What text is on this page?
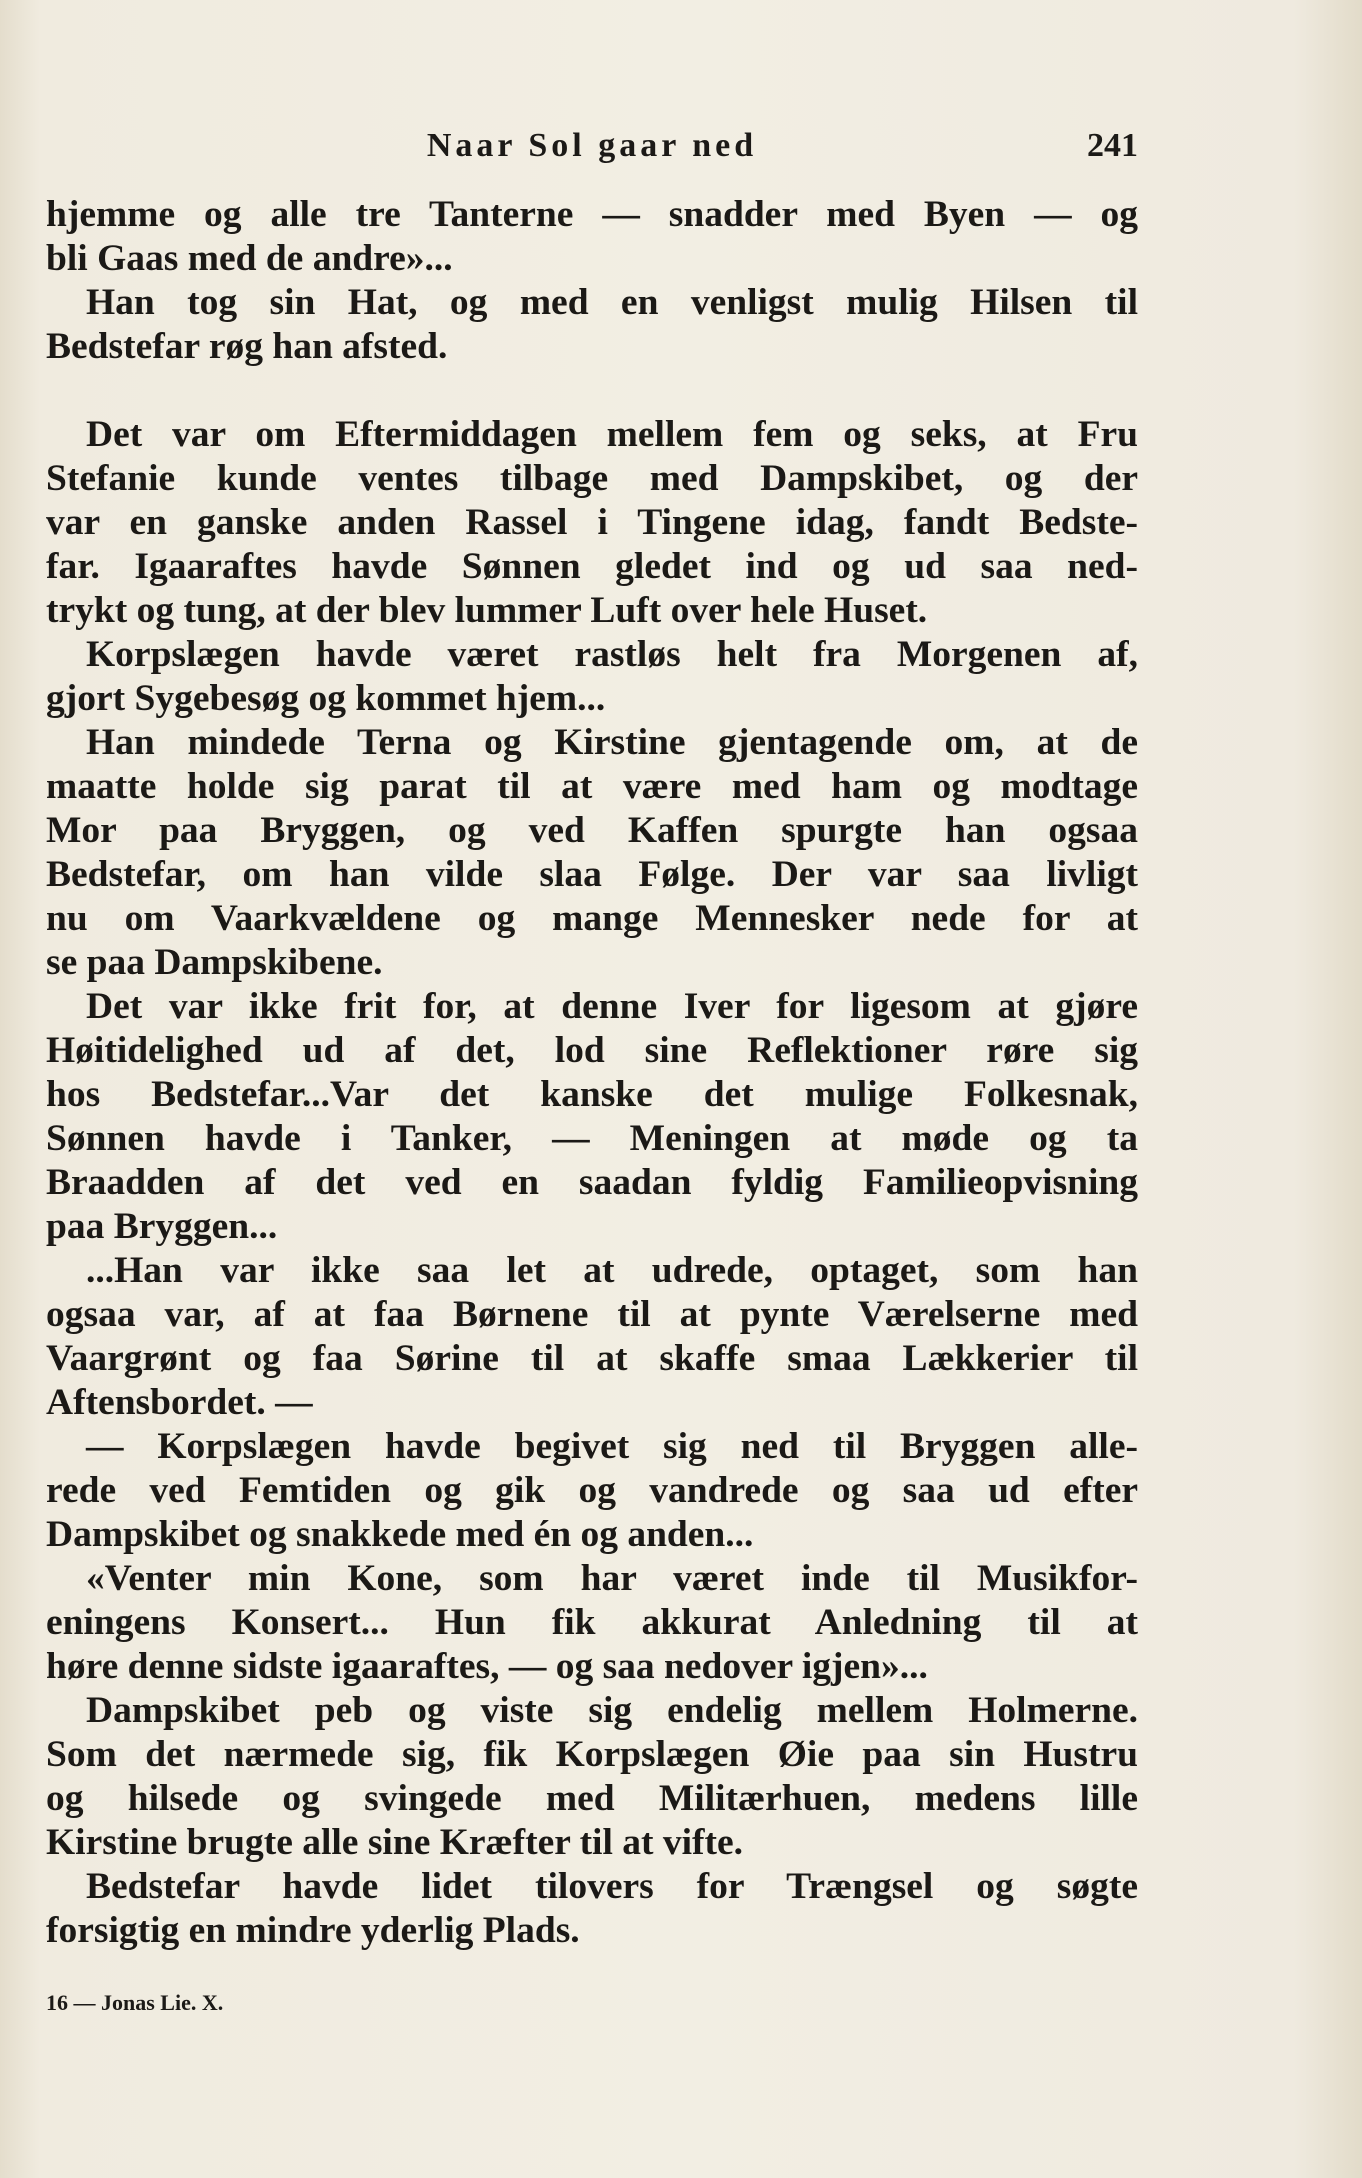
Naar Sol gaar ned	241
hjemme og alle tre Tanterne — snadder med Byen — og
bli Gaas med de andre»...
Han tog sin Hat, og med en venligst mulig Hilsen til
Bedstefar røg han afsted.
Det var om Eftermiddagen mellem fem og seks, at Fru
Stefanie kunde ventes tilbage med Dampskibet, og der
var en ganske anden Rassel i Tingene idag, fandt Bedste-
far. Igaaraftes havde Sønnen gledet ind og ud saa ned-
trykt og tung, at der blev lummer Luft over hele Huset.
Korpslægen havde været rastløs helt fra Morgenen af,
gjort Sygebesøg og kommet hjem...
Han mindede Terna og Kirstine gjentagende om, at de
maatte holde sig parat til at være med ham og modtage
Mor paa Bryggen, og ved Kaffen spurgte han ogsaa
Bedstefar, om han vilde slaa Følge. Der var saa livligt
nu om Vaarkvældene og mange Mennesker nede for at
se paa Dampskibene.
Det var ikke frit for, at denne Iver for ligesom at gjøre
Høitidelighed ud af det, lod sine Reflektioner røre sig
hos Bedstefar...Var det kanske det mulige Folkesnak,
Sønnen havde i Tanker, — Meningen at møde og ta
Braadden af det ved en saadan fyldig Familieopvisning
paa Bryggen...
...Han var ikke saa let at udrede, optaget, som han
ogsaa var, af at faa Børnene til at pynte Værelserne med
Vaargrønt og faa Sørine til at skaffe smaa Lækkerier til
Aftensbordet. —
— Korpslægen havde begivet sig ned til Bryggen alle-
rede ved Femtiden og gik og vandrede og saa ud efter
Dampskibet og snakkede med én og anden...
«Venter min Kone, som har været inde til Musikfor-
eningens Konsert... Hun fik akkurat Anledning til at
høre denne sidste igaaraftes, — og saa nedover igjen»...
Dampskibet peb og viste sig endelig mellem Holmerne.
Som det nærmede sig, fik Korpslægen Øie paa sin Hustru
og hilsede og svingede med Militærhuen, medens lille
Kirstine brugte alle sine Kræfter til at vifte.
Bedstefar havde lidet tilovers for Trængsel og søgte
forsigtig en mindre yderlig Plads.
16 — Jonas Lie. X.
